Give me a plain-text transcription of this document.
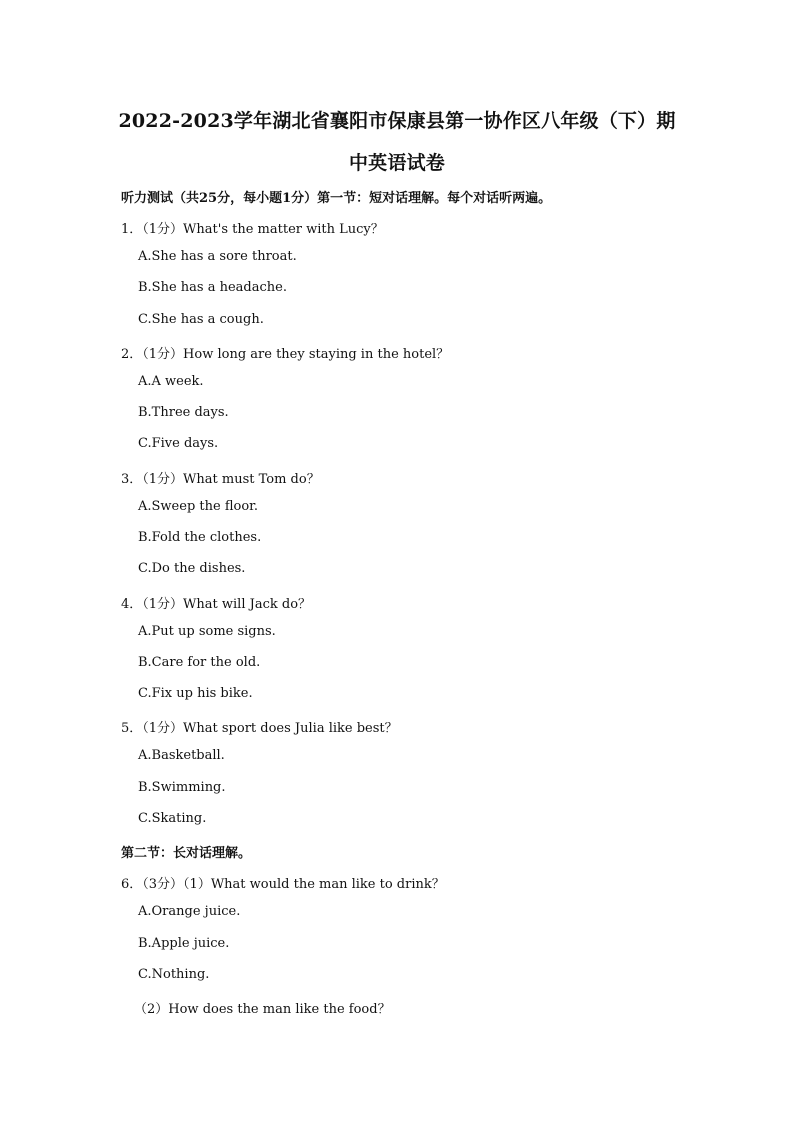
2022-2023学年湖北省襄阳市保康县第一协作区八年级（下）期
中英语试卷
听力测试（共25分，每小题1分）第一节：短对话理解。每个对话听两遍。
1．（1分）What's the matter with Lucy？
A.She has a sore throat.
B.She has a headache.
C.She has a cough.
2．（1分）How long are they staying in the hotel？
A.A week.
B.Three days.
C.Five days.
3．（1分）What must Tom do？
A.Sweep the floor.
B.Fold the clothes.
C.Do the dishes.
4．（1分）What will Jack do？
A.Put up some signs.
B.Care for the old.
C.Fix up his bike.
5．（1分）What sport does Julia like best？
A.Basketball.
B.Swimming.
C.Skating.
第二节：长对话理解。
6．（3分）（1）What would the man like to drink？
A.Orange juice.
B.Apple juice.
C.Nothing.
（2）How does the man like the food？
